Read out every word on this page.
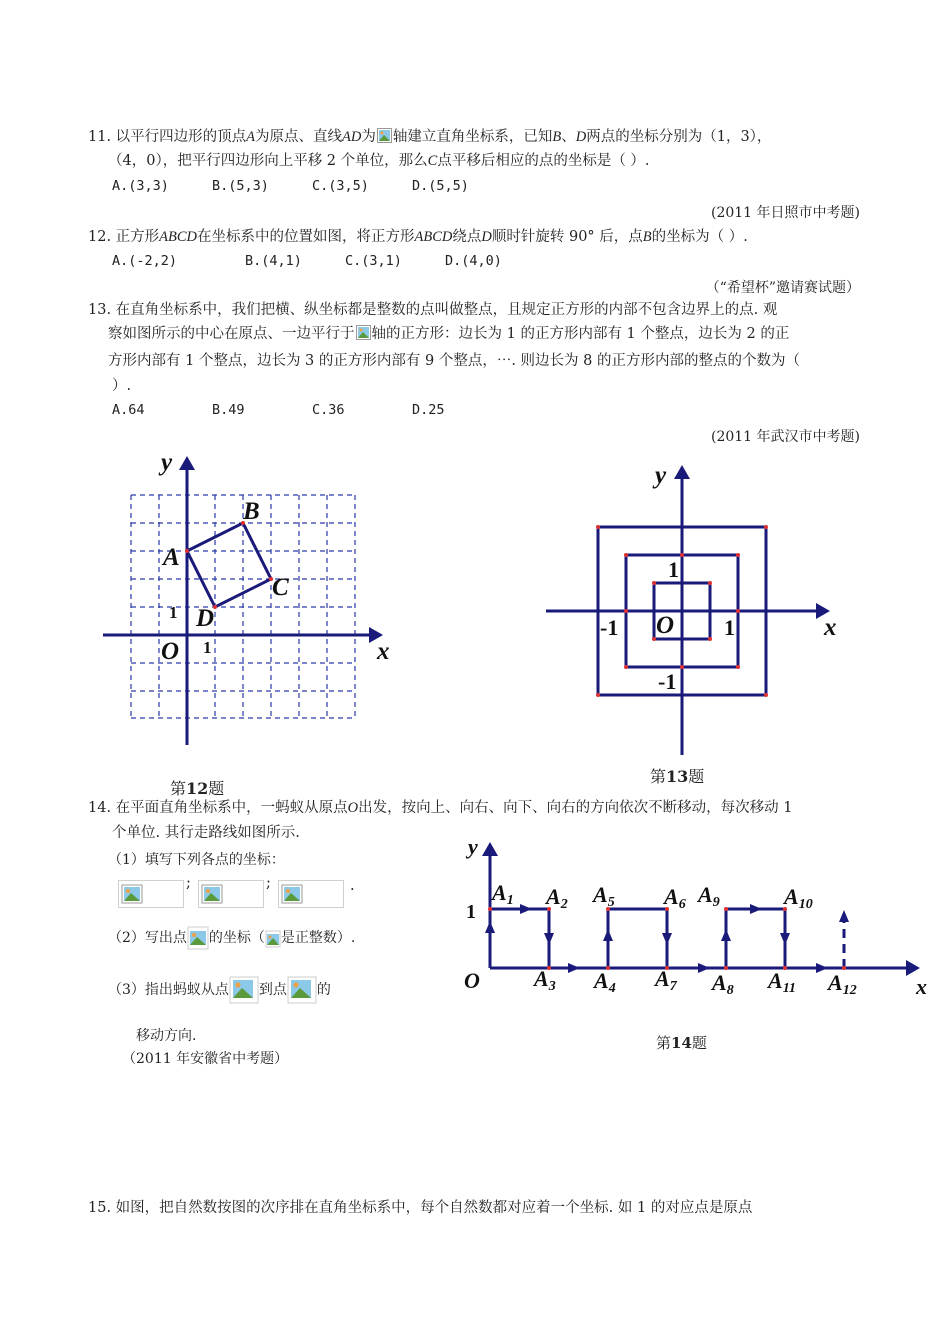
11. 以平行四边形的顶点A为原点、直线AD为 轴建立直角坐标系，已知B、D两点的坐标分别为（1，3），
（4，0），把平行四边形向上平移 2 个单位，那么C点平移后相应的点的坐标是（ ）.
A.(3,3)	B.(5,3)	C.(3,5)	D.(5,5)
(2011 年日照市中考题)
12. 正方形ABCD在坐标系中的位置如图，将正方形ABCD绕点D顺时针旋转 90° 后，点B的坐标为（ ）.
A.(-2,2)	B.(4,1)	C.(3,1)	D.(4,0)
（“希望杯”邀请赛试题）
13. 在直角坐标系中，我们把横、纵坐标都是整数的点叫做整点，且规定正方形的内部不包含边界上的点. 观
察如图所示的中心在原点、一边平行于 轴的正方形：边长为 1 的正方形内部有 1 个整点，边长为 2 的正
方形内部有 1 个整点，边长为 3 的正方形内部有 9 个整点，⋯. 则边长为 8 的正方形内部的整点的个数为（
）.
A.64	B.49	C.36	D.25
(2011 年武汉市中考题)
y
x
A
B
C
D
O
1
1
第12题
y
x
O
1
1
-1
-1
第13题
14. 在平面直角坐标系中，一蚂蚁从原点O出发，按向上、向右、向下、向右的方向依次不断移动，每次移动 1
个单位. 其行走路线如图所示.
（1）填写下列各点的坐标：
;	;	.
（2）写出点 的坐标（ 是正整数）.
（3）指出蚂蚁从点 到点 的
移动方向.
（2011 年安徽省中考题）
y
x
O
1
A1 A2 A5 A6 A9	A10
A3 A4 A7 A8 A11 A12
第14题
15. 如图，把自然数按图的次序排在直角坐标系中，每个自然数都对应着一个坐标. 如 1 的对应点是原点
